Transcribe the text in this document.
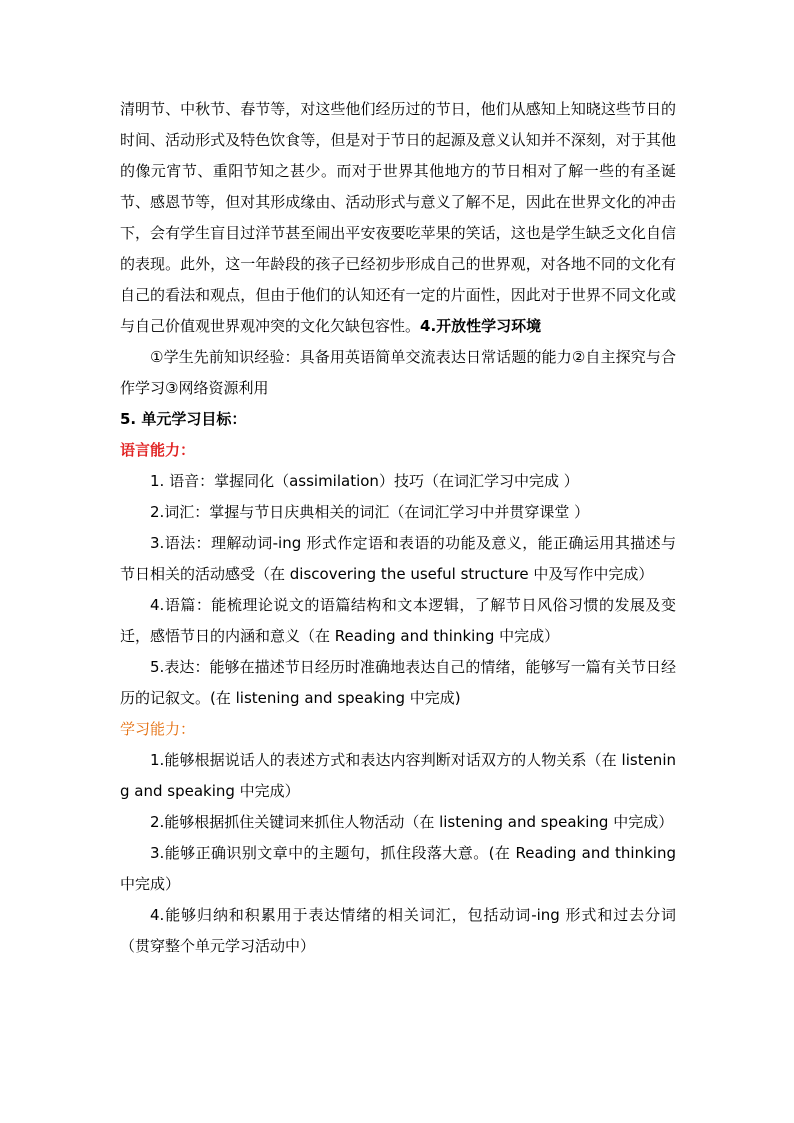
清明节、中秋节、春节等，对这些他们经历过的节日，他们从感知上知晓这些节日的时间、活动形式及特色饮食等，但是对于节日的起源及意义认知并不深刻，对于其他的像元宵节、重阳节知之甚少。而对于世界其他地方的节日相对了解一些的有圣诞节、感恩节等，但对其形成缘由、活动形式与意义了解不足，因此在世界文化的冲击下，会有学生盲目过洋节甚至闹出平安夜要吃苹果的笑话，这也是学生缺乏文化自信的表现。此外，这一年龄段的孩子已经初步形成自己的世界观，对各地不同的文化有自己的看法和观点，但由于他们的认知还有一定的片面性，因此对于世界不同文化或与自己价值观世界观冲突的文化欠缺包容性。4.开放性学习环境

①学生先前知识经验：具备用英语简单交流表达日常话题的能力②自主探究与合作学习③网络资源利用

5. 单元学习目标：

语言能力：

1. 语音：掌握同化（assimilation）技巧（在词汇学习中完成 ）

2.词汇：掌握与节日庆典相关的词汇（在词汇学习中并贯穿课堂 ）

3.语法：理解动词-ing 形式作定语和表语的功能及意义，能正确运用其描述与节日相关的活动感受（在 discovering the useful structure 中及写作中完成）

4.语篇：能梳理论说文的语篇结构和文本逻辑，了解节日风俗习惯的发展及变迁，感悟节日的内涵和意义（在 Reading and thinking 中完成）

5.表达：能够在描述节日经历时准确地表达自己的情绪，能够写一篇有关节日经历的记叙文。(在 listening and speaking 中完成)

学习能力：

1.能够根据说话人的表述方式和表达内容判断对话双方的人物关系（在 listening and speaking 中完成）

2.能够根据抓住关键词来抓住人物活动（在 listening and speaking 中完成）

3.能够正确识别文章中的主题句，抓住段落大意。(在 Reading and thinking 中完成）

4.能够归纳和积累用于表达情绪的相关词汇，包括动词-ing 形式和过去分词（贯穿整个单元学习活动中）
